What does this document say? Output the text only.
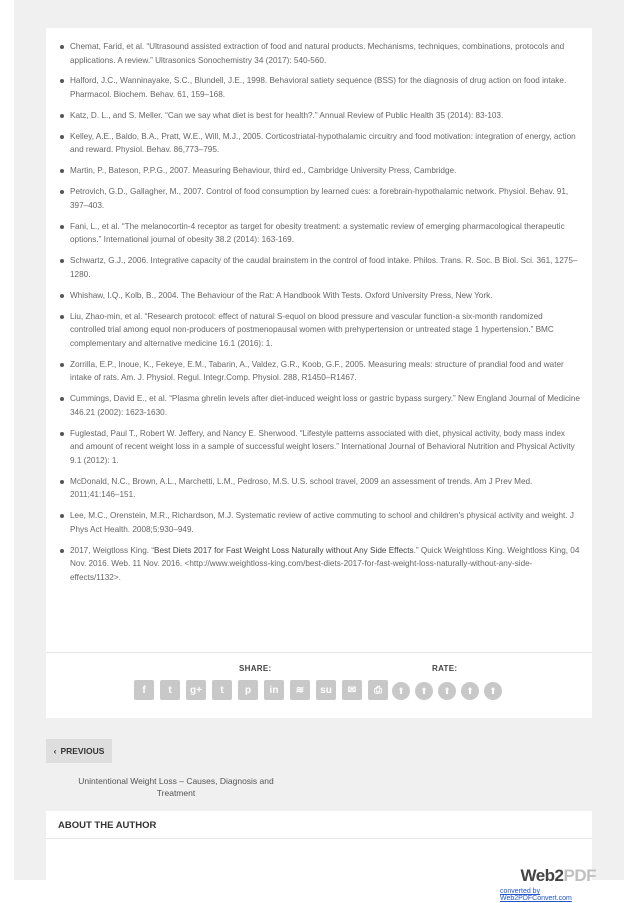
Chemat, Farid, et al. “Ultrasound assisted extraction of food and natural products. Mechanisms, techniques, combinations, protocols and applications. A review.” Ultrasonics Sonochemistry 34 (2017): 540-560.
Halford, J.C., Wanninayake, S.C., Blundell, J.E., 1998. Behavioral satiety sequence (BSS) for the diagnosis of drug action on food intake. Pharmacol. Biochem. Behav. 61, 159–168.
Katz, D. L., and S. Meller. “Can we say what diet is best for health?.” Annual Review of Public Health 35 (2014): 83-103.
Kelley, A.E., Baldo, B.A., Pratt, W.E., Will, M.J., 2005. Corticostriatal-hypothalamic circuitry and food motivation: integration of energy, action and reward. Physiol. Behav. 86,773–795.
Martin, P., Bateson, P.P.G., 2007. Measuring Behaviour, third ed., Cambridge University Press, Cambridge.
Petrovich, G.D., Gallagher, M., 2007. Control of food consumption by learned cues: a forebrain-hypothalamic network. Physiol. Behav. 91, 397–403.
Fani, L., et al. “The melanocortin-4 receptor as target for obesity treatment: a systematic review of emerging pharmacological therapeutic options.” International journal of obesity 38.2 (2014): 163-169.
Schwartz, G.J., 2006. Integrative capacity of the caudal brainstem in the control of food intake. Philos. Trans. R. Soc. B Biol. Sci. 361, 1275–1280.
Whishaw, I.Q., Kolb, B., 2004. The Behaviour of the Rat: A Handbook With Tests. Oxford University Press, New York.
Liu, Zhao-min, et al. “Research protocol: effect of natural S-equol on blood pressure and vascular function-a six-month randomized controlled trial among equol non-producers of postmenopausal women with prehypertension or untreated stage 1 hypertension.” BMC complementary and alternative medicine 16.1 (2016): 1.
Zorrilla, E.P., Inoue, K., Fekeye, E.M., Tabarin, A., Valdez, G.R., Koob, G.F., 2005. Measuring meals: structure of prandial food and water intake of rats. Am. J. Physiol. Regul. Integr.Comp. Physiol. 288, R1450–R1467.
Cummings, David E., et al. “Plasma ghrelin levels after diet-induced weight loss or gastric bypass surgery.” New England Journal of Medicine 346.21 (2002): 1623-1630.
Fuglestad, Paul T., Robert W. Jeffery, and Nancy E. Sherwood. “Lifestyle patterns associated with diet, physical activity, body mass index and amount of recent weight loss in a sample of successful weight losers.” International Journal of Behavioral Nutrition and Physical Activity 9.1 (2012): 1.
McDonald, N.C., Brown, A.L., Marchetti, L.M., Pedroso, M.S. U.S. school travel, 2009 an assessment of trends. Am J Prev Med. 2011;41:146–151.
Lee, M.C., Orenstein, M.R., Richardson, M.J. Systematic review of active commuting to school and children's physical activity and weight. J Phys Act Health. 2008;5:930–949.
2017, Weigtloss King. “Best Diets 2017 for Fast Weight Loss Naturally without Any Side Effects.” Quick Weightloss King. Weightloss King, 04 Nov. 2016. Web. 11 Nov. 2016. <http://www.weightloss-king.com/best-diets-2017-for-fast-weight-loss-naturally-without-any-side-effects/1132>.
SHARE:	RATE:
f	t	g+	t	p	in	≋	su	✉	⎙	⬆	⬆	⬆	⬆	⬆
‹ PREVIOUS
Unintentional Weight Loss – Causes, Diagnosis and Treatment
ABOUT THE AUTHOR
Web2PDF
converted by Web2PDFConvert.com
